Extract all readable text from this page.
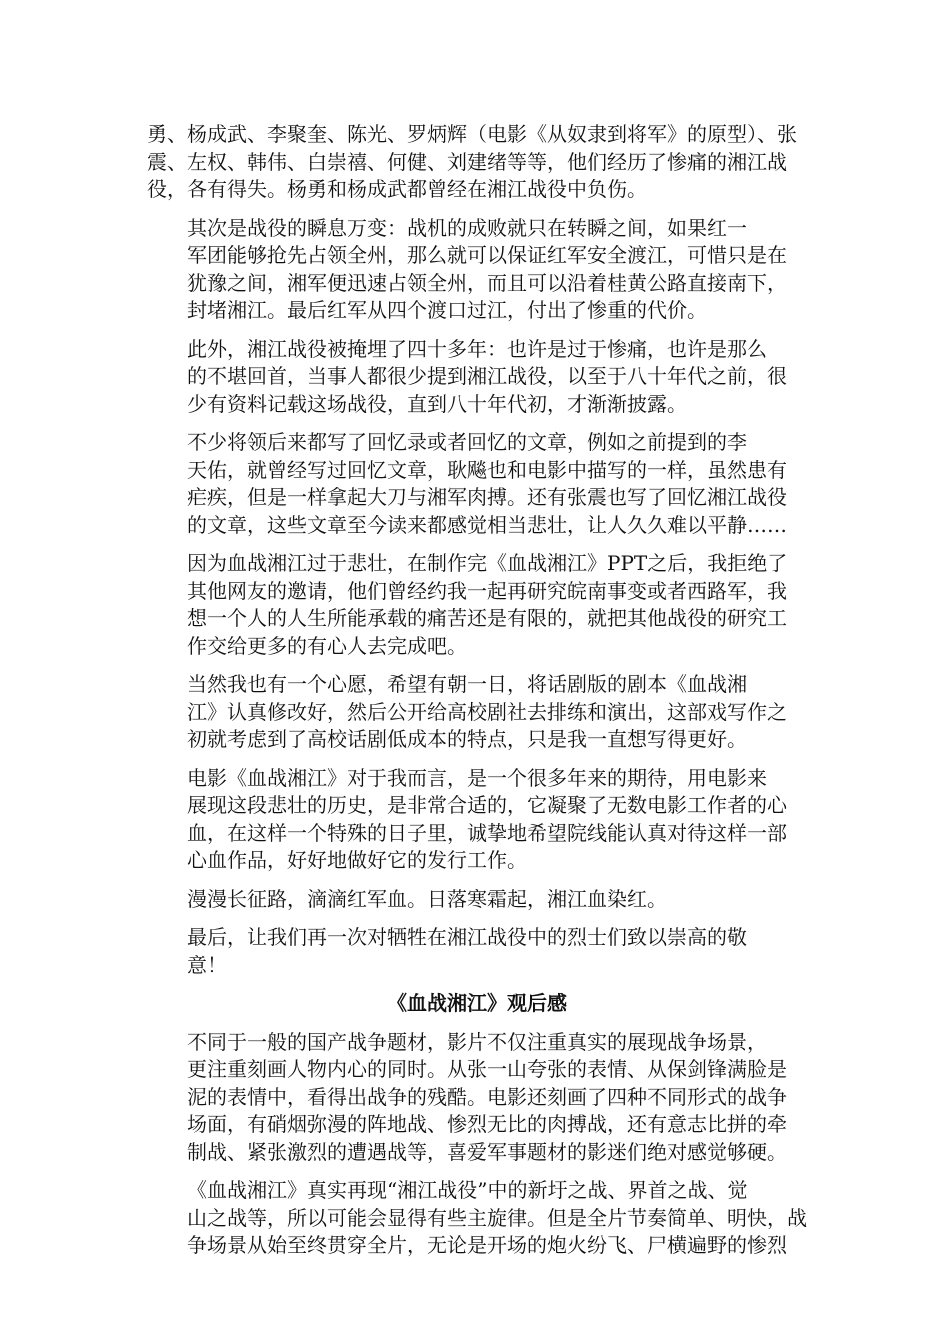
勇、杨成武、李聚奎、陈光、罗炳辉（电影《从奴隶到将军》的原型）、张
震、左权、韩伟、白崇禧、何健、刘建绪等等，他们经历了惨痛的湘江战
役，各有得失。杨勇和杨成武都曾经在湘江战役中负伤。

其次是战役的瞬息万变：战机的成败就只在转瞬之间，如果红一
军团能够抢先占领全州，那么就可以保证红军安全渡江，可惜只是在
犹豫之间，湘军便迅速占领全州，而且可以沿着桂黄公路直接南下，
封堵湘江。最后红军从四个渡口过江，付出了惨重的代价。

此外，湘江战役被掩埋了四十多年：也许是过于惨痛，也许是那么
的不堪回首，当事人都很少提到湘江战役，以至于八十年代之前，很
少有资料记载这场战役，直到八十年代初，才渐渐披露。

不少将领后来都写了回忆录或者回忆的文章，例如之前提到的李
天佑，就曾经写过回忆文章，耿飚也和电影中描写的一样，虽然患有
疟疾，但是一样拿起大刀与湘军肉搏。还有张震也写了回忆湘江战役
的文章，这些文章至今读来都感觉相当悲壮，让人久久难以平静……

因为血战湘江过于悲壮，在制作完《血战湘江》PPT之后，我拒绝了
其他网友的邀请，他们曾经约我一起再研究皖南事变或者西路军，我
想一个人的人生所能承载的痛苦还是有限的，就把其他战役的研究工
作交给更多的有心人去完成吧。

当然我也有一个心愿，希望有朝一日，将话剧版的剧本《血战湘
江》认真修改好，然后公开给高校剧社去排练和演出，这部戏写作之
初就考虑到了高校话剧低成本的特点，只是我一直想写得更好。

电影《血战湘江》对于我而言，是一个很多年来的期待，用电影来
展现这段悲壮的历史，是非常合适的，它凝聚了无数电影工作者的心
血，在这样一个特殊的日子里，诚挚地希望院线能认真对待这样一部
心血作品，好好地做好它的发行工作。

漫漫长征路，滴滴红军血。日落寒霜起，湘江血染红。

最后，让我们再一次对牺牲在湘江战役中的烈士们致以崇高的敬
意！

《血战湘江》观后感

不同于一般的国产战争题材，影片不仅注重真实的展现战争场景，
更注重刻画人物内心的同时。从张一山夸张的表情、从保剑锋满脸是
泥的表情中，看得出战争的残酷。电影还刻画了四种不同形式的战争
场面，有硝烟弥漫的阵地战、惨烈无比的肉搏战，还有意志比拼的牵
制战、紧张激烈的遭遇战等，喜爱军事题材的影迷们绝对感觉够硬。

《血战湘江》真实再现“湘江战役”中的新圩之战、界首之战、觉
山之战等，所以可能会显得有些主旋律。但是全片节奏简单、明快，战
争场景从始至终贯穿全片，无论是开场的炮火纷飞、尸横遍野的惨烈
